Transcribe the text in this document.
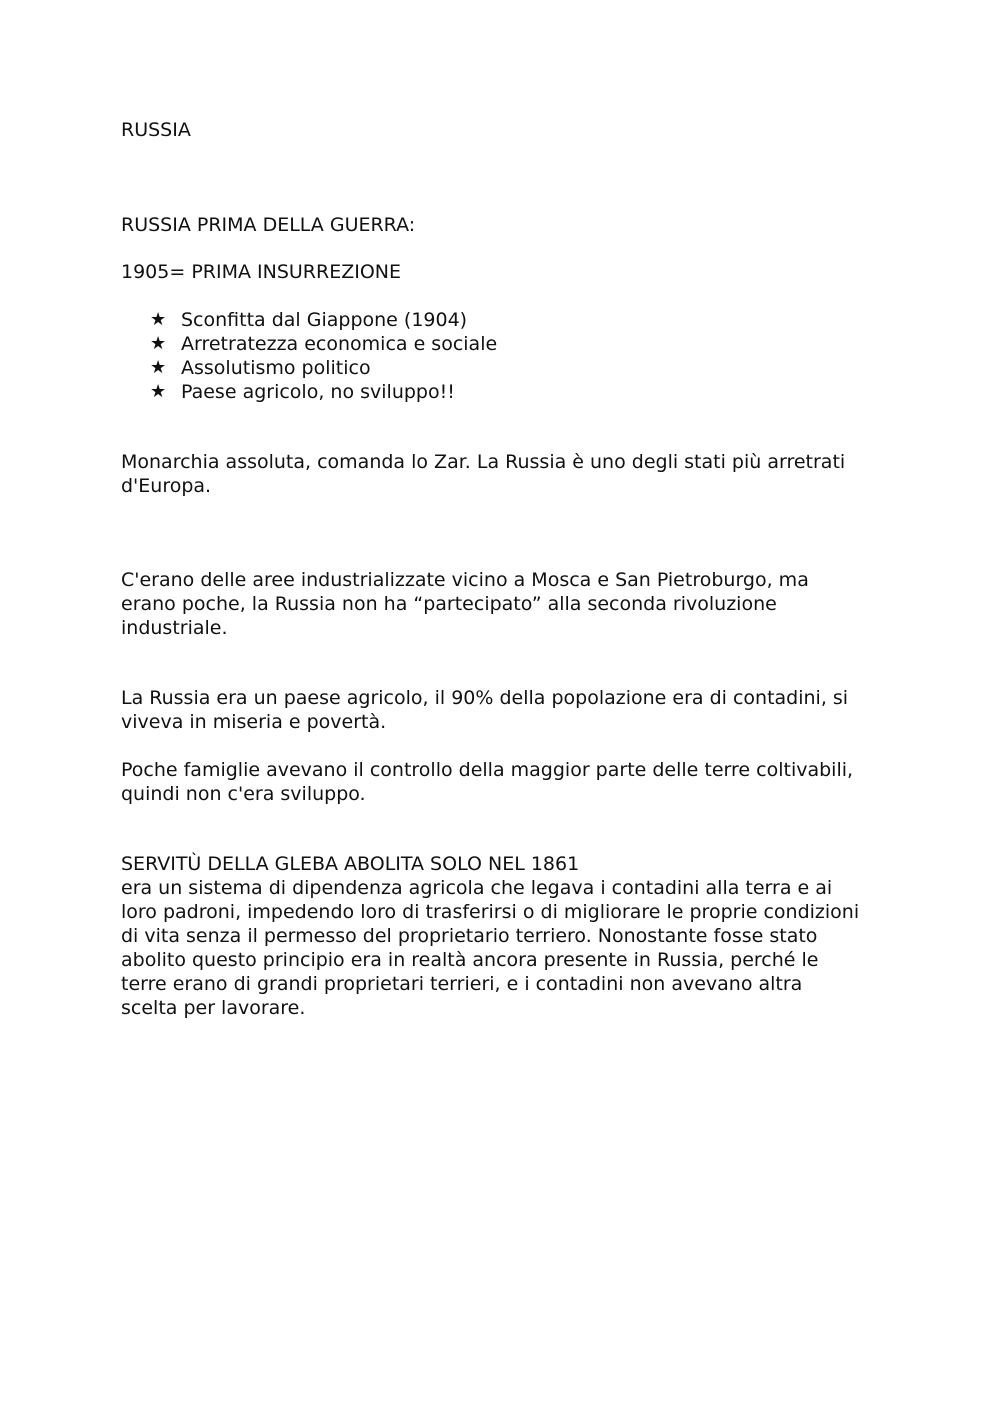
RUSSIA

RUSSIA PRIMA DELLA GUERRA:

1905= PRIMA INSURREZIONE

★ Sconfitta dal Giappone (1904)
★ Arretratezza economica e sociale
★ Assolutismo politico
★ Paese agricolo, no sviluppo!!
Monarchia assoluta, comanda lo Zar. La Russia è uno degli stati più arretrati
d'Europa.
C'erano delle aree industrializzate vicino a Mosca e San Pietroburgo, ma
erano poche, la Russia non ha “partecipato” alla seconda rivoluzione
industriale.
La Russia era un paese agricolo, il 90% della popolazione era di contadini, si
viveva in miseria e povertà.
Poche famiglie avevano il controllo della maggior parte delle terre coltivabili,
quindi non c'era sviluppo.

SERVITÙ DELLA GLEBA ABOLITA SOLO NEL 1861

era un sistema di dipendenza agricola che legava i contadini alla terra e ai
loro padroni, impedendo loro di trasferirsi o di migliorare le proprie condizioni
di vita senza il permesso del proprietario terriero. Nonostante fosse stato
abolito questo principio era in realtà ancora presente in Russia, perché le
terre erano di grandi proprietari terrieri, e i contadini non avevano altra
scelta per lavorare.
